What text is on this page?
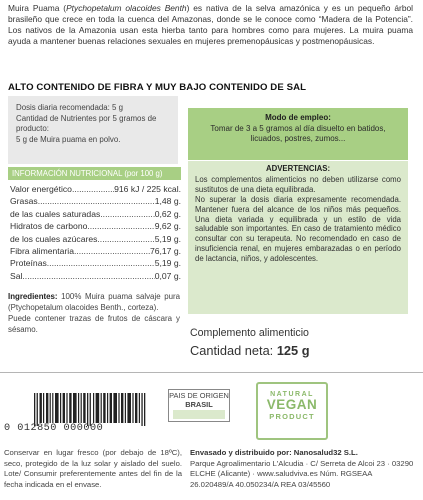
Muira Puama (Ptychopetalum olacoides Benth) es nativa de la selva amazónica y es un pequeño árbol brasileño que crece en toda la cuenca del Amazonas, donde se le conoce como “Madera de la Potencia”. Los nativos de la Amazonia usan esta hierba tanto para hombres como para mujeres. La muira puama ayuda a mantener buenas relaciones sexuales en mujeres premenopáusicas y postmenopáusicas.
ALTO CONTENIDO DE FIBRA Y MUY BAJO CONTENIDO DE SAL
Dosis diaria recomendada: 5 g
Cantidad de Nutrientes por 5 gramos de producto:
5 g de Muira puama en polvo.
Modo de empleo:
Tomar de 3 a 5 gramos al día disuelto en batidos, licuados, postres, zumos...
ADVERTENCIAS:

Los complementos alimenticios no deben utilizarse como sustitutos de una dieta equilibrada.

No superar la dosis diaria expresamente recomendada. Mantener fuera del alcance de los niños más pequeños. Una dieta variada y equilibrada y un estilo de vida saludable son importantes. En caso de tratamiento médico consultar con su terapeuta. No recomendado en caso de insuficiencia renal, en mujeres embarazadas o en período de lactancia, niños, y adolescentes.

INFORMACIÓN NUTRICIONAL (por 100 g)
Valor energético .....	916 kJ / 225 kcal.
Grasas .....	1,48 g.
de las cuales saturadas .....	0,62 g.
Hidratos de carbono .....	9,62 g.
de los cuales azúcares .....	5,19 g.
Fibra alimentaria .....	76,17 g.
Proteínas .....	5,19 g.
Sal .....	0,07 g.
Ingredientes: 100% Muira puama salvaje pura (Ptychopetalum olacoides Benth., corteza).
Puede contener trazas de frutos de cáscara y sésamo.	Complemento alimenticio
Cantidad neta: 125 g
0 012850 000000
PAIS DE ORIGEN
BRASIL
NATURAL
VEGAN
PRODUCT
Conservar en lugar fresco (por debajo de 18ºC), seco, protegido de la luz solar y aislado del suelo. Lote/ Consumir preferentemente antes del fin de la fecha indicada en el envase.
Envasado y distribuido por: Nanosalud32 S.L.
Parque Agroalimentario L'Alcudia · C/ Serreta de Alcoi 23 · 03290 ELCHE (Alicante) · www.saludviva.es Núm. RGSEAA 26.020489/A 40.050234/A REA 03/45560
